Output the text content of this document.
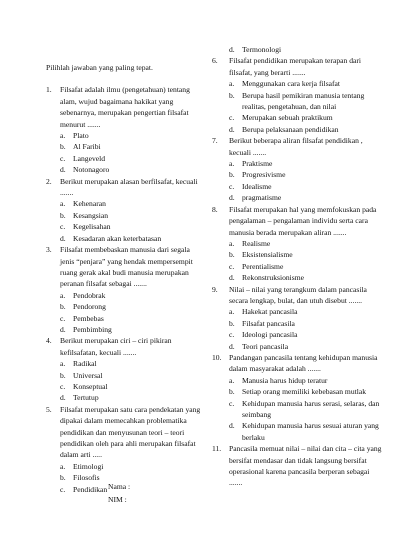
Pilihlah jawaban yang paling tepat.

1. Filsafat adalah ilmu (pengetahuan) tentang alam, wujud bagaimana hakikat yang sebenarnya, merupakan pengertian filsafat menurut .......
a. Plato
b. Al Faribi
c. Langeveld
d. Notonagoro
2. Berikut merupakan alasan berfilsafat, kecuali .......
a. Kehenaran
b. Kesangsian
c. Kegelisahan
d. Kesadaran akan keterbatasan
3. Filsafat membebaskan manusia dari segala jenis “penjara” yang hendak mempersempit ruang gerak akal budi manusia merupakan peranan filsafat sebagai .......
a. Pendobrak
b. Pendorong
c. Pembebas
d. Pembimbing
4. Berikut merupakan ciri – ciri pikiran kefilsafatan, kecuali .......
a. Radikal
b. Universal
c. Konseptual
d. Tertutup
5. Filsafat merupakan satu cara pendekatan yang dipakai dalam memecahkan problematika pendidikan dan menyusunan teori – teori pendidikan oleh para ahli merupakan filsafat dalam arti .....
a. Etimologi
b. Filosofis
c. Pendidikan
d. Termonologi
6. Filsafat pendidikan merupakan terapan dari filsafat, yang berarti .......
a. Menggunakan cara kerja filsafat
b. Berupa hasil pemikiran manusia tentang realitas, pengetahuan, dan nilai
c. Merupakan sebuah praktikum
d. Berupa pelaksanaan pendidikan
7. Berikut beberapa aliran filsafat pendidikan , kecuali .......
a. Praktisme
b. Progresivisme
c. Idealisme
d. pragmatisme
8. Filsafat merupakan hal yang memfokuskan pada pengalaman – pengalaman individu serta cara manusia berada merupakan aliran .......
a. Realisme
b. Eksistensialisme
c. Perentialisme
d. Rekonstruksionisme
9. Nilai – nilai yang terangkum dalam pancasila secara lengkap, bulat, dan utuh disebut .......
a. Hakekat pancasila
b. Filsafat pancasila
c. Ideologi pancasila
d. Teori pancasila
10. Pandangan pancasila tentang kehidupan manusia dalam masyarakat adalah .......
a. Manusia harus hidup teratur
b. Setiap orang memiliki kebebasan mutlak
c. Kehidupan manusia harus serasi, selaras, dan seimbang
d. Kehidupan manusia harus sesuai aturan yang berlaku
11. Pancasila memuat nilai – nilai dan cita – cita yang bersifat mendasar dan tidak langsung bersifat operasional karena pancasila berperan sebagai .......
Nama :
NIM :
